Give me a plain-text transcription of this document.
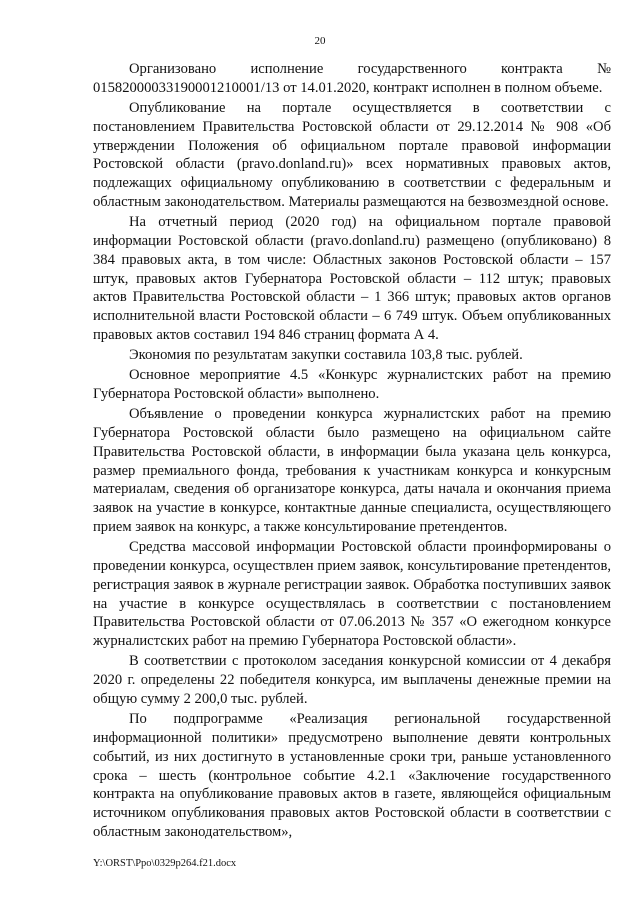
20

Организовано исполнение государственного контракта № 0158200003319000121000​1/13 от 14.01.2020, контракт исполнен в полном объеме.

Опубликование на портале осуществляется в соответствии с постановлением Правительства Ростовской области от 29.12.2014 № 908 «Об утверждении Положения об официальном портале правовой информации Ростовской области (pravo.donland.ru)» всех нормативных правовых актов, подлежащих официальному опубликованию в соответствии с федеральным и областным законодательством. Материалы размещаются на безвозмездной основе.

На отчетный период (2020 год) на официальном портале правовой информации Ростовской области (pravo.donland.ru) размещено (опубликовано) 8 384 правовых акта, в том числе: Областных законов Ростовской области – 157 штук, правовых актов Губернатора Ростовской области – 112 штук; правовых актов Правительства Ростовской области – 1 366 штук; правовых актов органов исполнительной власти Ростовской области – 6 749 штук. Объем опубликованных правовых актов составил 194 846 страниц формата А 4.

Экономия по результатам закупки составила 103,8 тыс. рублей.

Основное мероприятие 4.5 «Конкурс журналистских работ на премию Губернатора Ростовской области» выполнено.

Объявление о проведении конкурса журналистских работ на премию Губернатора Ростовской области было размещено на официальном сайте Правительства Ростовской области, в информации была указана цель конкурса, размер премиального фонда, требования к участникам конкурса и конкурсным материалам, сведения об организаторе конкурса, даты начала и окончания приема заявок на участие в конкурсе, контактные данные специалиста, осуществляющего прием заявок на конкурс, а также консультирование претендентов.

Средства массовой информации Ростовской области проинформированы о проведении конкурса, осуществлен прием заявок, консультирование претендентов, регистрация заявок в журнале регистрации заявок. Обработка поступивших заявок на участие в конкурсе осуществлялась в соответствии с постановлением Правительства Ростовской области от 07.06.2013 № 357 «О ежегодном конкурсе журналистских работ на премию Губернатора Ростовской области».

В соответствии с протоколом заседания конкурсной комиссии от 4 декабря 2020 г. определены 22 победителя конкурса, им выплачены денежные премии на общую сумму 2 200,0 тыс. рублей.

По подпрограмме «Реализация региональной государственной информационной политики» предусмотрено выполнение девяти контрольных событий, из них достигнуто в установленные сроки три, раньше установленного срока – шесть (контрольное событие 4.2.1 «Заключение государственного контракта на опубликование правовых актов в газете, являющейся официальным источником опубликования правовых актов Ростовской области в соответствии с областным законодательством»,

Y:\ORST\Ppo\0329p264.f21.docx
